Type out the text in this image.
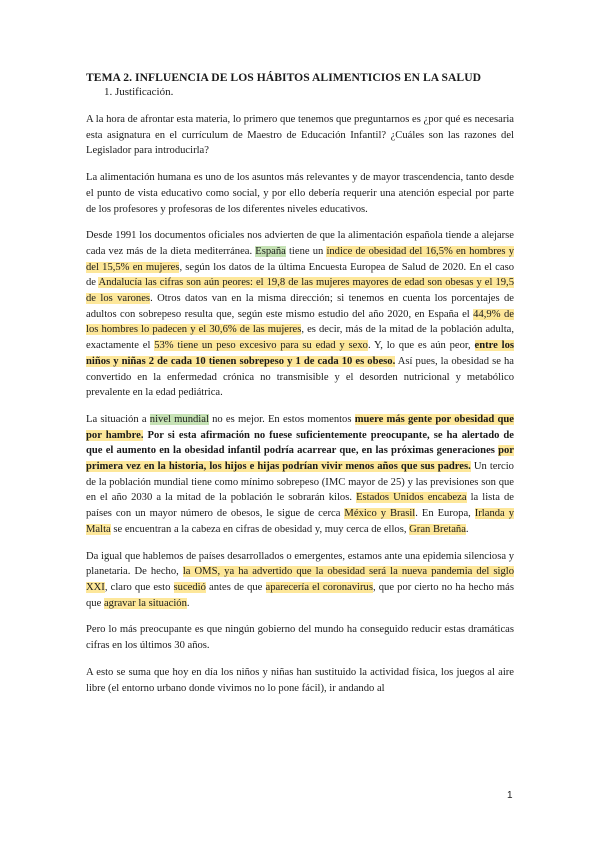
TEMA 2. INFLUENCIA DE LOS HÁBITOS ALIMENTICIOS EN LA SALUD
1. Justificación.

A la hora de afrontar esta materia, lo primero que tenemos que preguntarnos es ¿por qué es necesaria esta asignatura en el currículum de Maestro de Educación Infantil? ¿Cuáles son las razones del Legislador para introducirla?

La alimentación humana es uno de los asuntos más relevantes y de mayor trascendencia, tanto desde el punto de vista educativo como social, y por ello debería requerir una atención especial por parte de los profesores y profesoras de los diferentes niveles educativos.

Desde 1991 los documentos oficiales nos advierten de que la alimentación española tiende a alejarse cada vez más de la dieta mediterránea. España tiene un índice de obesidad del 16,5% en hombres y del 15,5% en mujeres, según los datos de la última Encuesta Europea de Salud de 2020. En el caso de Andalucía las cifras son aún peores: el 19,8 de las mujeres mayores de edad son obesas y el 19,5 de los varones. Otros datos van en la misma dirección; si tenemos en cuenta los porcentajes de adultos con sobrepeso resulta que, según este mismo estudio del año 2020, en España el 44,9% de los hombres lo padecen y el 30,6% de las mujeres, es decir, más de la mitad de la población adulta, exactamente el 53% tiene un peso excesivo para su edad y sexo. Y, lo que es aún peor, entre los niños y niñas 2 de cada 10 tienen sobrepeso y 1 de cada 10 es obeso. Así pues, la obesidad se ha convertido en la enfermedad crónica no transmisible y el desorden nutricional y metabólico prevalente en la edad pediátrica.

La situación a nivel mundial no es mejor. En estos momentos muere más gente por obesidad que por hambre. Por si esta afirmación no fuese suficientemente preocupante, se ha alertado de que el aumento en la obesidad infantil podría acarrear que, en las próximas generaciones por primera vez en la historia, los hijos e hijas podrían vivir menos años que sus padres. Un tercio de la población mundial tiene como mínimo sobrepeso (IMC mayor de 25) y las previsiones son que en el año 2030 a la mitad de la población le sobrarán kilos. Estados Unidos encabeza la lista de países con un mayor número de obesos, le sigue de cerca México y Brasil. En Europa, Irlanda y Malta se encuentran a la cabeza en cifras de obesidad y, muy cerca de ellos, Gran Bretaña.

Da igual que hablemos de países desarrollados o emergentes, estamos ante una epidemia silenciosa y planetaria. De hecho, la OMS, ya ha advertido que la obesidad será la nueva pandemia del siglo XXI, claro que esto sucedió antes de que aparecería el coronavirus, que por cierto no ha hecho más que agravar la situación.

Pero lo más preocupante es que ningún gobierno del mundo ha conseguido reducir estas dramáticas cifras en los últimos 30 años.

A esto se suma que hoy en día los niños y niñas han sustituido la actividad física, los juegos al aire libre (el entorno urbano donde vivimos no lo pone fácil), ir andando al

1
